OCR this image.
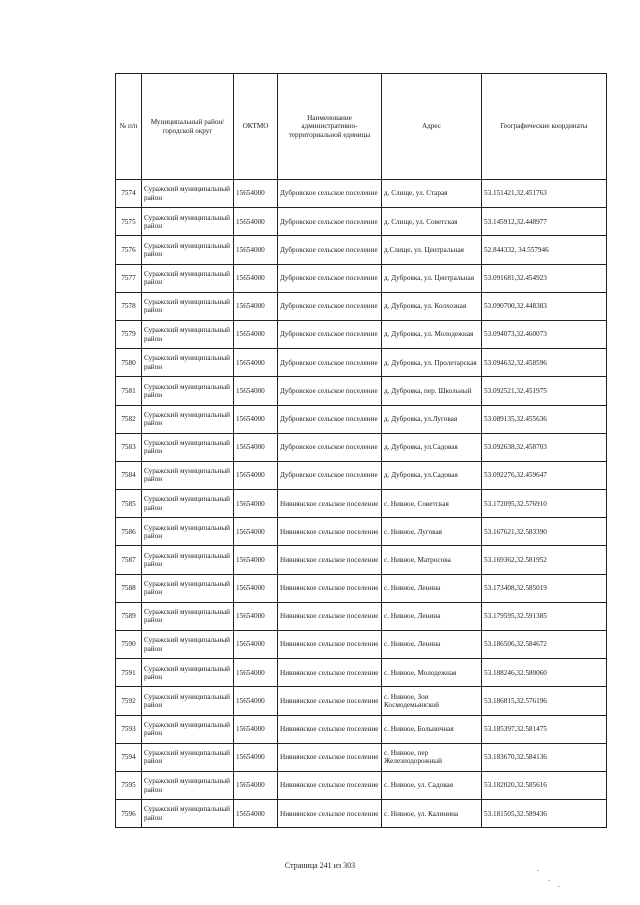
№ п/п	Муниципальный район/городской округ	ОКТМО	Наименование административно-территориальной единицы	Адрес	Географические координаты
7574	Суражский муниципальный район	15654000	Дубровское сельское поселение	д. Слище, ул. Старая	53.151421,32.451763
7575	Суражский муниципальный район	15654000	Дубровское сельское поселение	д. Слище, ул. Советская	53.145912,32.448977
7576	Суражский муниципальный район	15654000	Дубровское сельское поселение	д.Слище, ул. Центральная	52.844332, 34.557946
7577	Суражский муниципальный район	15654000	Дубровское сельское поселение	д. Дубровка, ул. Центральная	53.091681,32.454923
7578	Суражский муниципальный район	15654000	Дубровское сельское поселение	д. Дубровка, ул. Колхозная	53.090700,32.448383
7579	Суражский муниципальный район	15654000	Дубровское сельское поселение	д. Дубровка, ул. Молодежная	53.094073,32.460073
7580	Суражский муниципальный район	15654000	Дубровское сельское поселение	д. Дубровка, ул. Пролетарская	53.094632,32.458596
7581	Суражский муниципальный район	15654000	Дубровское сельское поселение	д. Дубровка, пер. Школьный	53.092521,32.451975
7582	Суражский муниципальный район	15654000	Дубровское сельское поселение	д. Дубровка, ул.Луговая	53.089135,32.455636
7583	Суражский муниципальный район	15654000	Дубровское сельское поселение	д. Дубровка, ул.Садовая	53.092638,32.458703
7584	Суражский муниципальный район	15654000	Дубровское сельское поселение	д. Дубровка, ул.Садовая	53.092276,32.459647
7585	Суражский муниципальный район	15654000	Нивнянское сельское поселение	с. Нивное, Советская	53.172095,32.576910
7586	Суражский муниципальный район	15654000	Нивнянское сельское поселение	с. Нивное, Луговая	53.167621,32.583390
7587	Суражский муниципальный район	15654000	Нивнянское сельское поселение	с. Нивное, Матросова	53.169362,32.581952
7588	Суражский муниципальный район	15654000	Нивнянское сельское поселение	с. Нивное, Ленина	53.173408,32.585019
7589	Суражский муниципальный район	15654000	Нивнянское сельское поселение	с. Нивное, Ленина	53.179595,32.591385
7590	Суражский муниципальный район	15654000	Нивнянское сельское поселение	с. Нивное, Ленина	53.186506,32.584672
7591	Суражский муниципальный район	15654000	Нивнянское сельское поселение	с. Нивное, Молодежная	53.188246,32.580060
7592	Суражский муниципальный район	15654000	Нивнянское сельское поселение	с. Нивное, Зои Космодемьянской	53.186815,32.576196
7593	Суражский муниципальный район	15654000	Нивнянское сельское поселение	с. Нивное, Больничная	53.185397,32.581475
7594	Суражский муниципальный район	15654000	Нивнянское сельское поселение	с. Нивное, пер Железнодорожный	53.183670,32.584136
7595	Суражский муниципальный район	15654000	Нивнянское сельское поселение	с. Нивное, ул. Садовая	53.182020,32.585616
7596	Суражский муниципальный район	15654000	Нивнянское сельское поселение	с. Нивное, ул. Калинина	53.181505,32.589436
Страница 241 из 303
